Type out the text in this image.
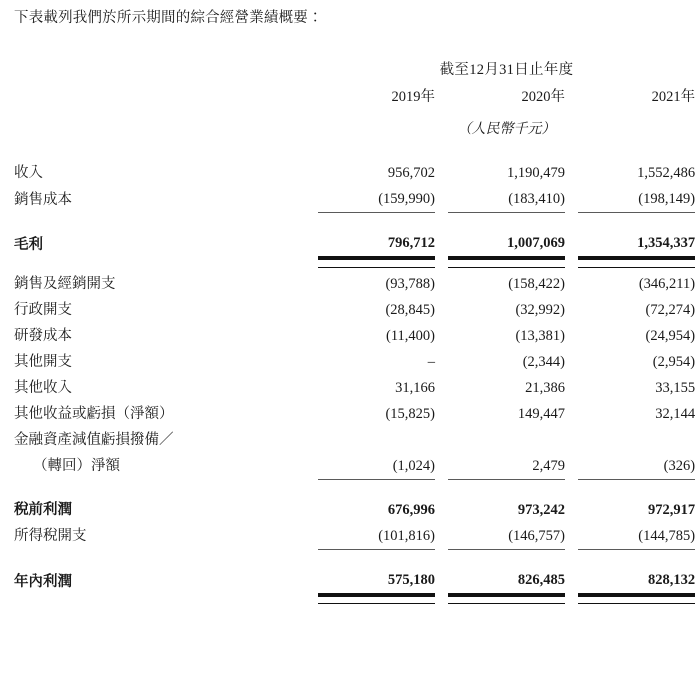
下表載列我們於所示期間的綜合經營業績概要：
		截至12月31日止年度				

		2019年		2020年		2021年

		（人民幣千元）				

收入		956,702		1,190,479		1,552,486
銷售成本		(159,990)		(183,410)		(198,149)

毛利		796,712		1,007,069		1,354,337

銷售及經銷開支		(93,788)		(158,422)		(346,211)
行政開支		(28,845)		(32,992)		(72,274)
研發成本		(11,400)		(13,381)		(24,954)
其他開支		–		(2,344)		(2,954)
其他收入		31,166		21,386		33,155
其他收益或虧損（淨額）		(15,825)		149,447		32,144
金融資產減值虧損撥備／						
（轉回）淨額		(1,024)		2,479		(326)

稅前利潤		676,996		973,242		972,917
所得稅開支		(101,816)		(146,757)		(144,785)

年內利潤		575,180		826,485		828,132
